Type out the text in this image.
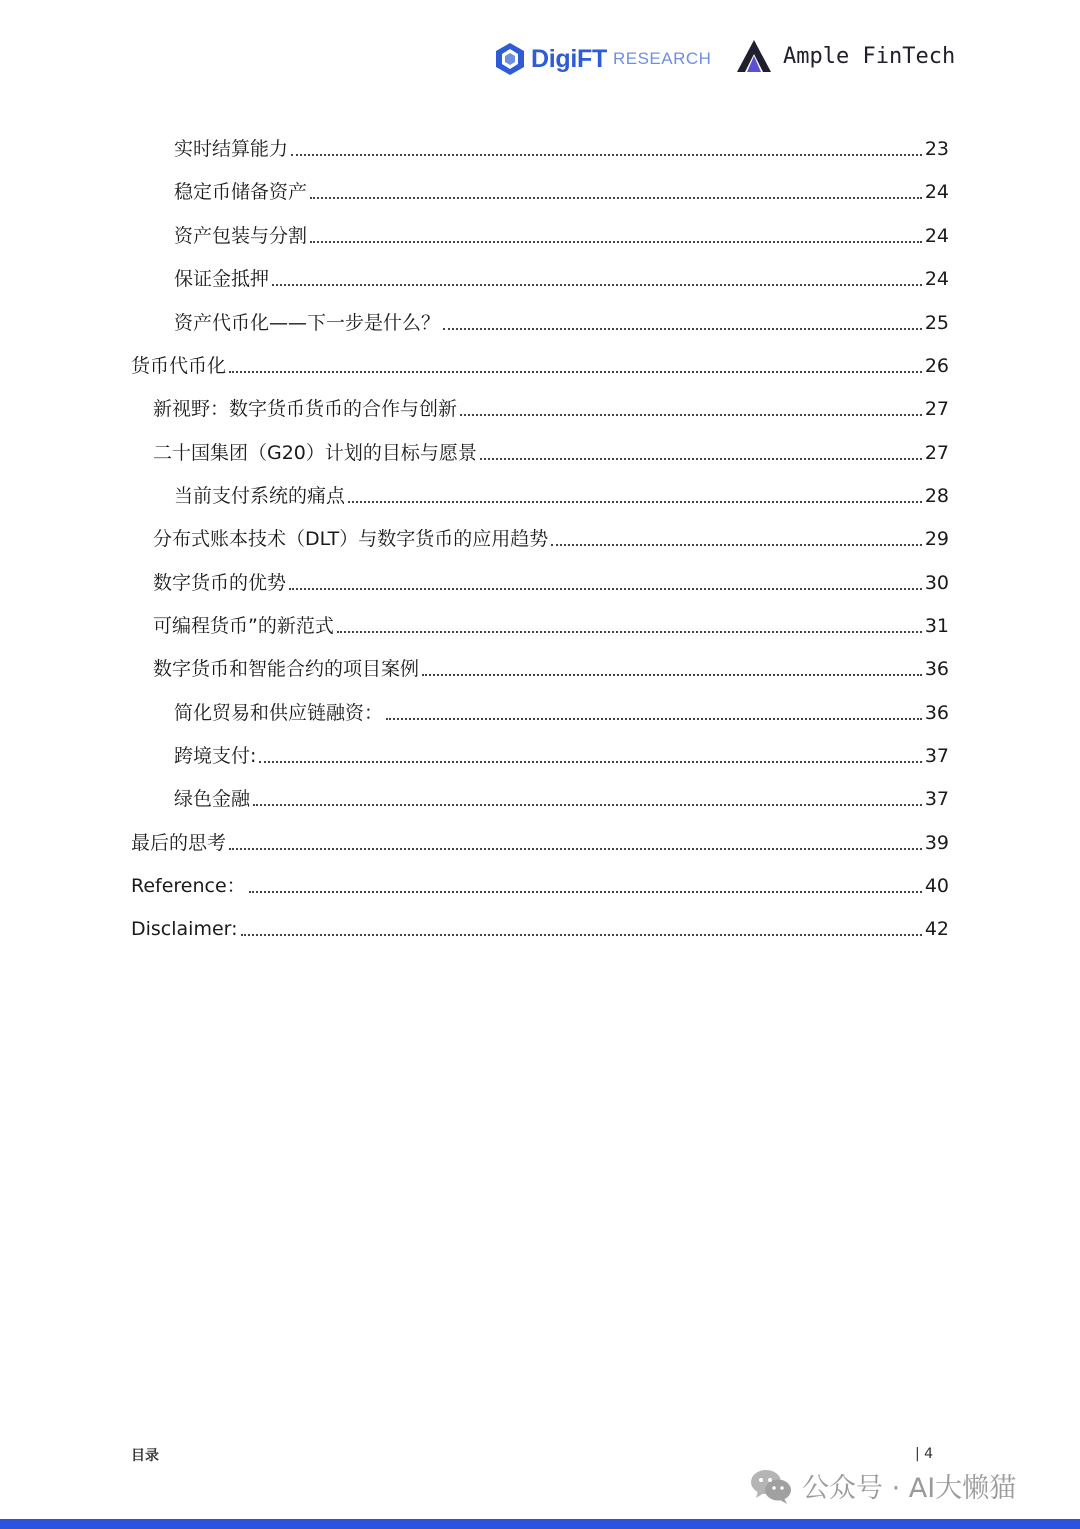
DigiFT RESEARCH	Ample FinTech
实时结算能力	23
稳定币储备资产	24
资产包装与分割	24
保证金抵押	24
资产代币化——下一步是什么？	25
货币代币化	26
新视野：数字货币货币的合作与创新	27
二十国集团（G20）计划的目标与愿景	27
当前支付系统的痛点	28
分布式账本技术（DLT）与数字货币的应用趋势	29
数字货币的优势	30
可编程货币”的新范式	31
数字货币和智能合约的项目案例	36
简化贸易和供应链融资：	36
跨境支付:	37
绿色金融	37
最后的思考	39
Reference：	40
Disclaimer:	42
目录	| 4
公众号 · AI大懒猫
